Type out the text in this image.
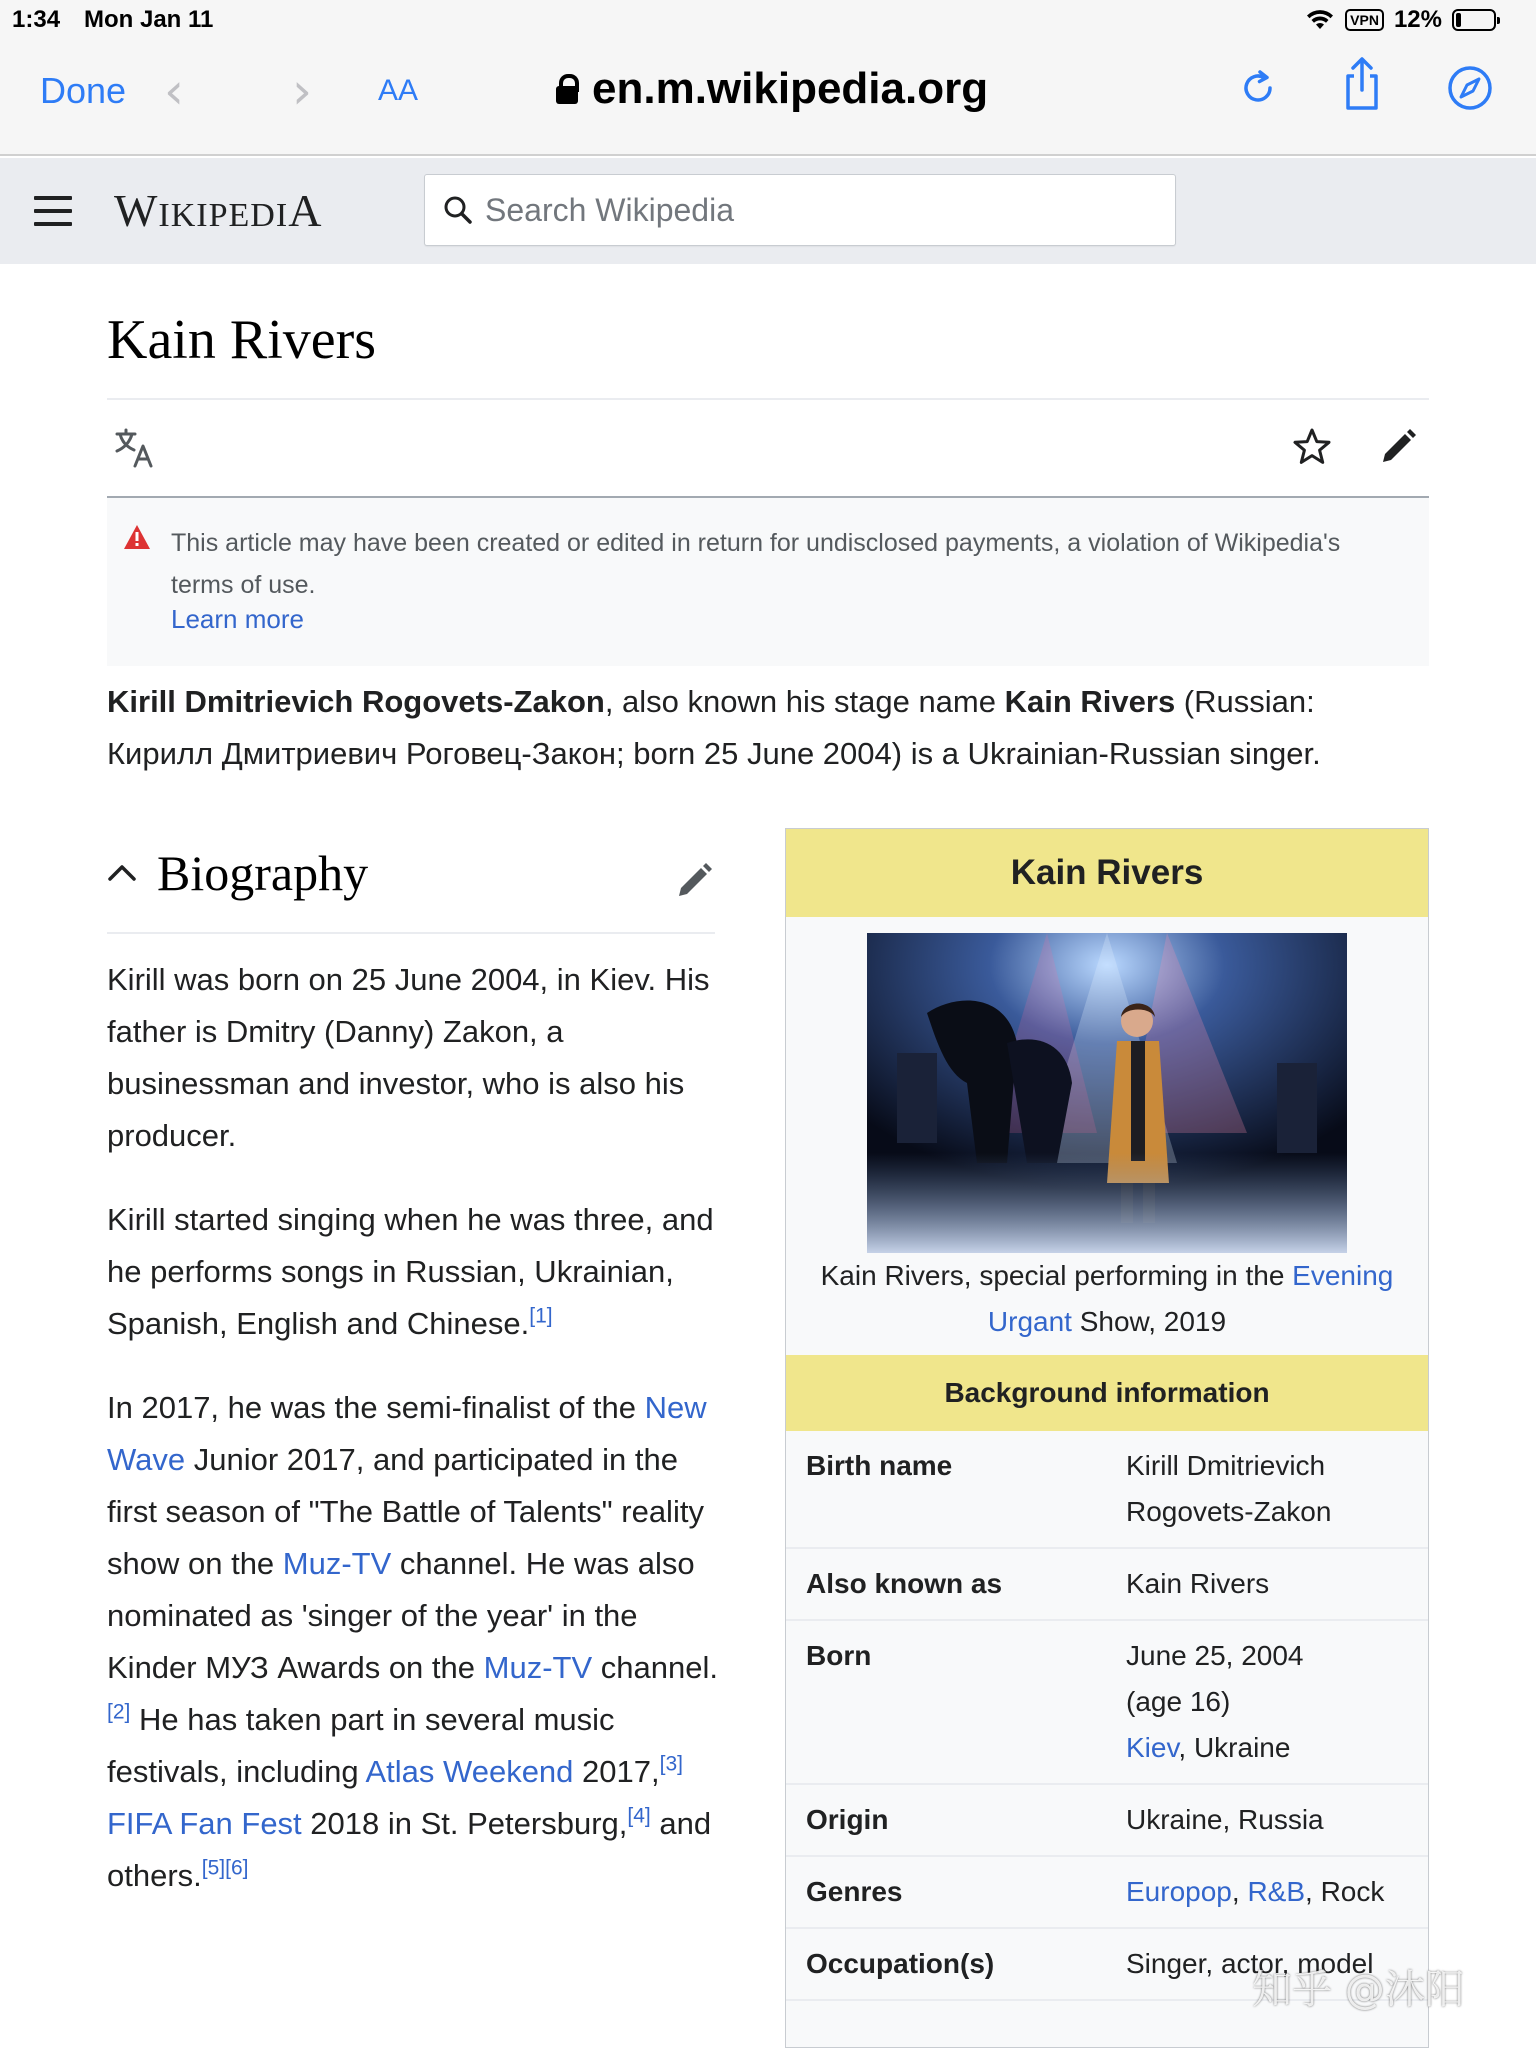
1:34 Mon Jan 11	VPN 12%
Done ‹ › AA	en.m.wikipedia.org
WIKIPEDIA
Search Wikipedia
Kain Rivers

This article may have been created or edited in return for undisclosed payments, a violation of Wikipedia's terms of use.

Learn more

Kirill Dmitrievich Rogovets-Zakon, also known his stage name Kain Rivers (Russian: Кирилл Дмитриевич Роговец-Закон; born 25 June 2004) is a Ukrainian-Russian singer.

Biography

Kirill was born on 25 June 2004, in Kiev. His father is Dmitry (Danny) Zakon, a businessman and investor, who is also his producer.

Kirill started singing when he was three, and he performs songs in Russian, Ukrainian, Spanish, English and Chinese.[1]

In 2017, he was the semi-finalist of the New Wave Junior 2017, and participated in the first season of "The Battle of Talents" reality show on the Muz-TV channel. He was also nominated as 'singer of the year' in the Kinder МУЗ Awards on the Muz-TV channel.[2] He has taken part in several music festivals, including Atlas Weekend 2017,[3] FIFA Fan Fest 2018 in St. Petersburg,[4] and others.[5][6]

Kain Rivers
Kain Rivers, special performing in the Evening Urgant Show, 2019
Background information
Birth name	Kirill Dmitrievich Rogovets-Zakon
Also known as	Kain Rivers
Born	June 25, 2004
(age 16)
Kiev, Ukraine
Origin	Ukraine, Russia
Genres	Europop, R&B, Rock
Occupation(s)	Singer, actor, model
知乎 @沐阳
